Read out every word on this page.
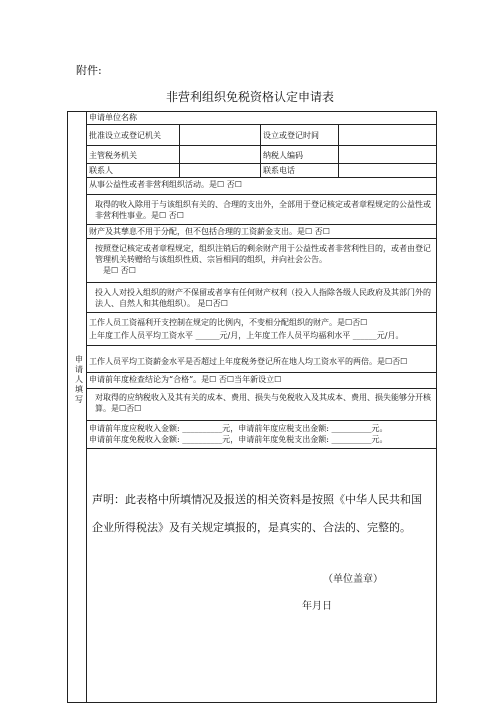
附件:
非营利组织免税资格认定申请表
申请人填写
申请单位名称
批准设立或登记机关	设立或登记时间
主管税务机关	纳税人编码
联系人	联系电话
从事公益性或者非营利组织活动。是☐ 否☐
取得的收入除用于与该组织有关的、合理的支出外，全部用于登记核定或者章程规定的公益性或非营利性事业。是☐ 否☐
财产及其孳息不用于分配，但不包括合理的工资薪金支出。是☐ 否☐
按照登记核定或者章程规定，组织注销后的剩余财产用于公益性或者非营利性目的，或者由登记管理机关转赠给与该组织性质、宗旨相同的组织，并向社会公告。
是☐ 否☐
投入人对投入组织的财产不保留或者享有任何财产权利（投入人指除各级人民政府及其部门外的法人、自然人和其他组织）。 是☐否☐
工作人员工资福利开支控制在规定的比例内，不变相分配组织的财产。是☐否☐
上年度工作人员平均工资水平 ______元/月，上年度工作人员平均福利水平 ______元/月。
工作人员平均工资薪金水平是否超过上年度税务登记所在地人均工资水平的两倍。是☐否☐
申请前年度检查结论为“合格”。是☐ 否☐当年新设立☐
对取得的应纳税收入及其有关的成本、费用、损失与免税收入及其成本、费用、损失能够分开核算。是☐否☐
申请前年度应税收入金额: __________元，申请前年度应税支出金额: __________元。
申请前年度免税收入金额: __________元，申请前年度免税支出金额: __________元。
声明：此表格中所填情况及报送的相关资料是按照《中华人民共和国企业所得税法》及有关规定填报的，是真实的、合法的、完整的。
（单位盖章）
年月日
